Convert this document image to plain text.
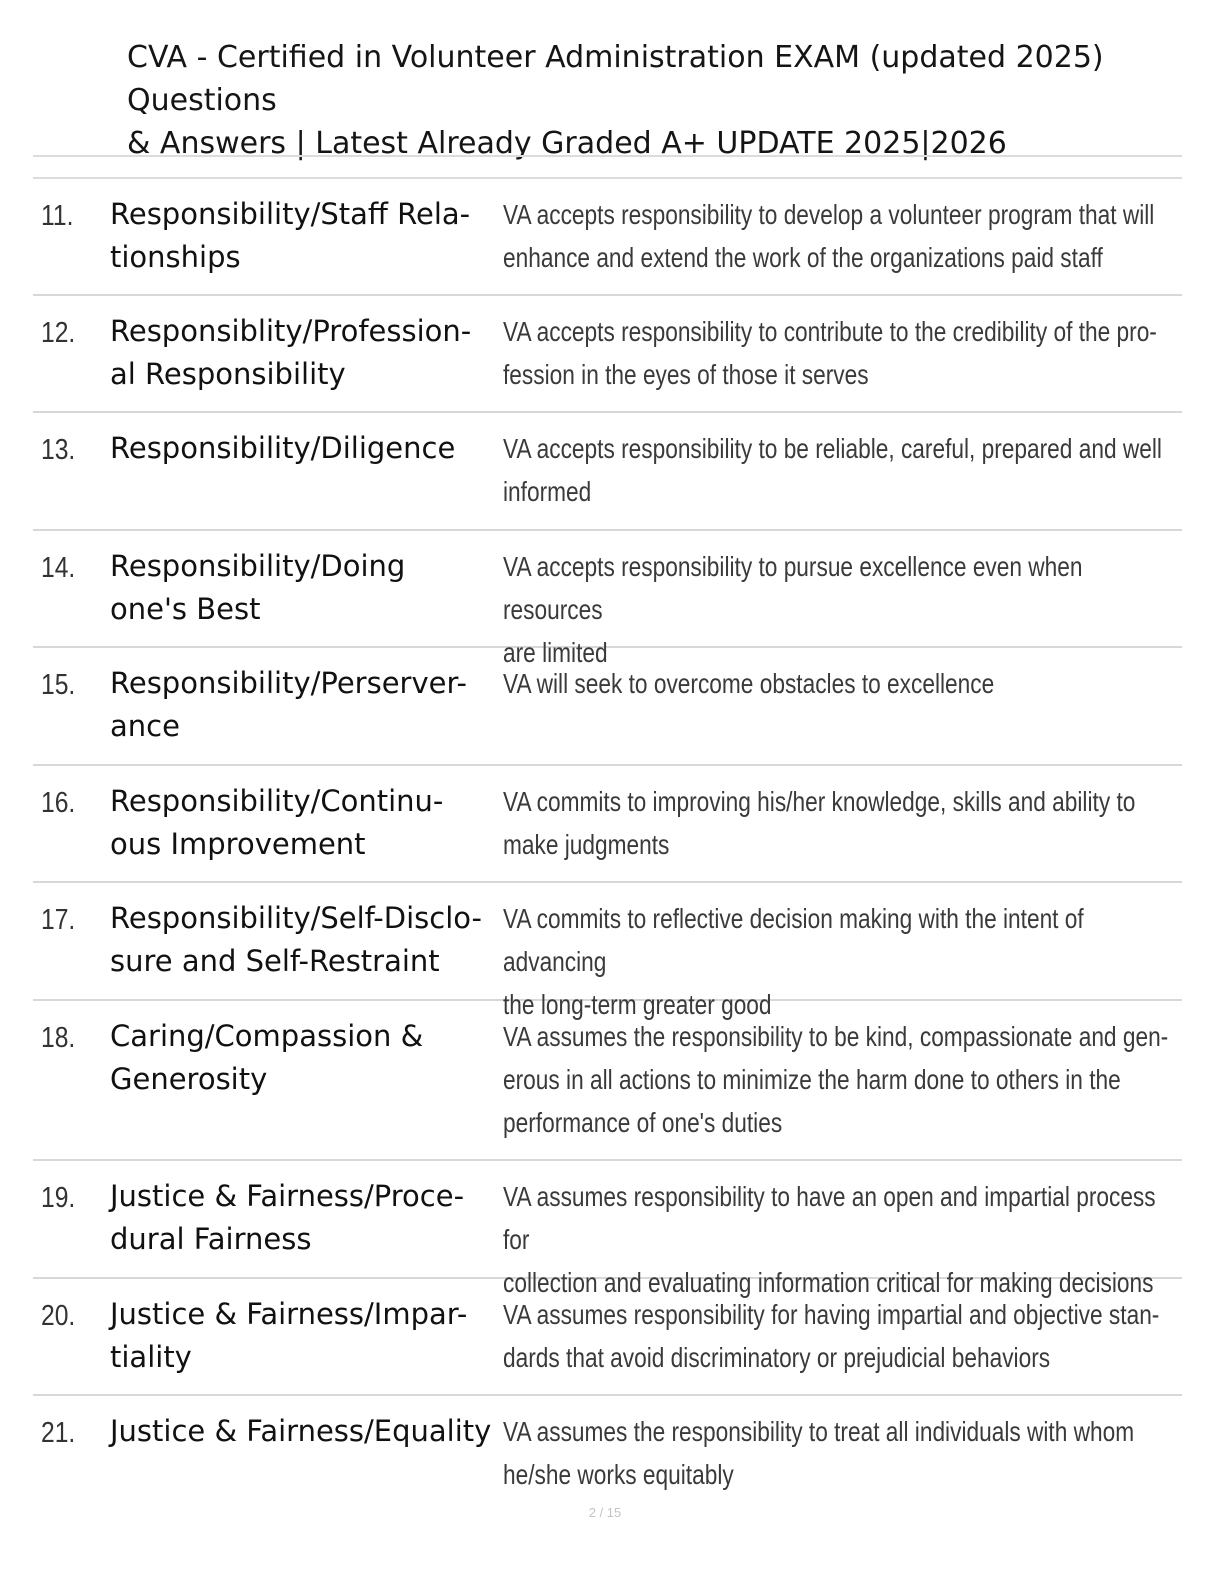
CVA - Certified in Volunteer Administration EXAM (updated 2025) Questions
& Answers | Latest Already Graded A+ UPDATE 2025|2026
11. Responsibility/Staff Rela-
tionships
VA accepts responsibility to develop a volunteer program that will
enhance and extend the work of the organizations paid staff
12. Responsiblity/Profession-
al Responsibility
VA accepts responsibility to contribute to the credibility of the pro-
fession in the eyes of those it serves
13. Responsibility/Diligence	VA accepts responsibility to be reliable, careful, prepared and well
informed
14. Responsibility/Doing
one's Best
VA accepts responsibility to pursue excellence even when resources
are limited
15. Responsibility/Perserver-
ance
VA will seek to overcome obstacles to excellence
16. Responsibility/Continu-
ous Improvement
VA commits to improving his/her knowledge, skills and ability to
make judgments
17. Responsibility/Self-Disclo-
sure and Self-Restraint
VA commits to reflective decision making with the intent of advancing
the long-term greater good
18. Caring/Compassion &
Generosity
VA assumes the responsibility to be kind, compassionate and gen-
erous in all actions to minimize the harm done to others in the
performance of one's duties
19. Justice & Fairness/Proce-
dural Fairness
VA assumes responsibility to have an open and impartial process for
collection and evaluating information critical for making decisions
20. Justice & Fairness/Impar-
tiality
VA assumes responsibility for having impartial and objective stan-
dards that avoid discriminatory or prejudicial behaviors
21. Justice & Fairness/Equality VA assumes the responsibility to treat all individuals with whom
he/she works equitably
2 / 15
